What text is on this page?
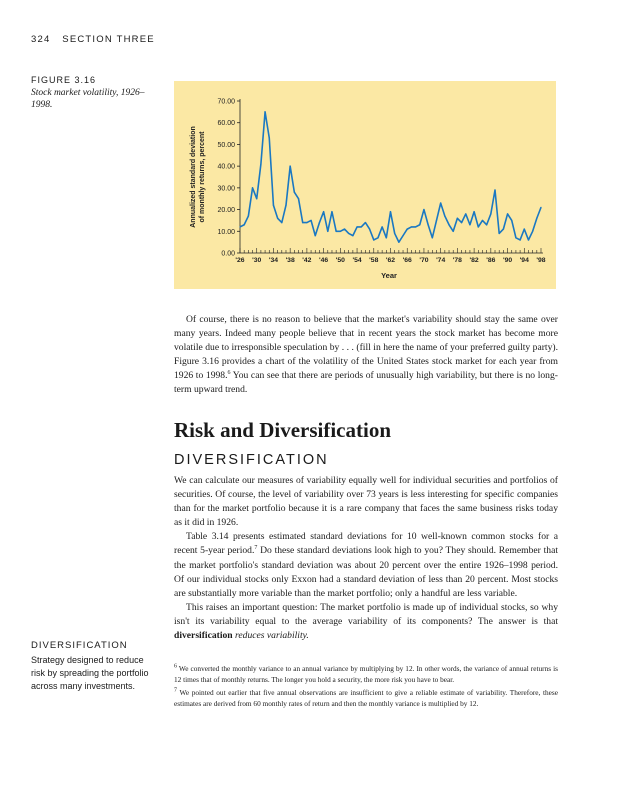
324 SECTION THREE
FIGURE 3.16
Stock market volatility, 1926–1998.
Annualized standard deviation of monthly returns, percent
0.00
10.00
20.00
30.00
40.00
50.00
60.00
70.00
'26 '30 '34 '38 '42 '46 '50 '54 '58 '62 '66 '70 '74 '78 '82 '86 '90 '94 '98
Year

Of course, there is no reason to believe that the market's variability should stay the same over many years. Indeed many people believe that in recent years the stock market has become more volatile due to irresponsible speculation by . . . (fill in here the name of your preferred guilty party). Figure 3.16 provides a chart of the volatility of the United States stock market for each year from 1926 to 1998.$^6$ You can see that there are periods of unusually high variability, but there is no long-term upward trend.

Risk and Diversification
DIVERSIFICATION

We can calculate our measures of variability equally well for individual securities and portfolios of securities. Of course, the level of variability over 73 years is less interesting for specific companies than for the market portfolio because it is a rare company that faces the same business risks today as it did in 1926.

Table 3.14 presents estimated standard deviations for 10 well-known common stocks for a recent 5-year period.$^7$ Do these standard deviations look high to you? They should. Remember that the market portfolio's standard deviation was about 20 percent over the entire 1926–1998 period. Of our individual stocks only Exxon had a standard deviation of less than 20 percent. Most stocks are substantially more variable than the market portfolio; only a handful are less variable.

This raises an important question: The market portfolio is made up of individual stocks, so why isn't its variability equal to the average variability of its components? The answer is that diversification reduces variability.

DIVERSIFICATION
Strategy designed to reduce risk by spreading the portfolio across many investments.

$^6$ We converted the monthly variance to an annual variance by multiplying by 12. In other words, the variance of annual returns is 12 times that of monthly returns. The longer you hold a security, the more risk you have to bear.

$^7$ We pointed out earlier that five annual observations are insufficient to give a reliable estimate of variability. Therefore, these estimates are derived from 60 monthly rates of return and then the monthly variance is multiplied by 12.
